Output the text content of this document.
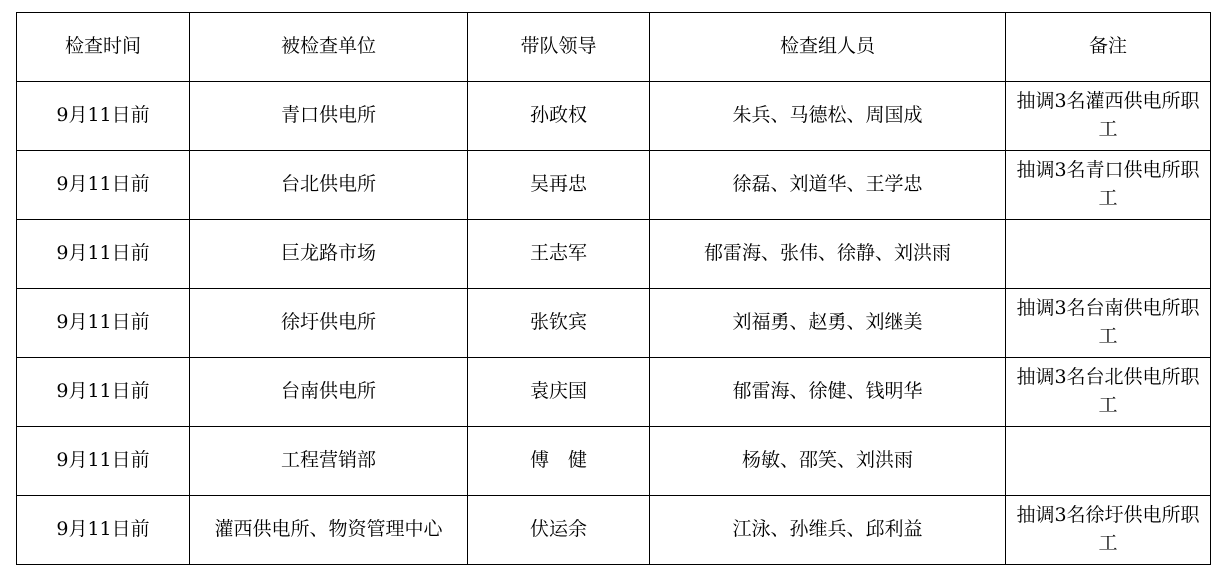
检查时间	被检查单位	带队领导	检查组人员	备注
9月11日前	青口供电所	孙政权	朱兵、马德松、周国成	抽调3名灌西供电所职工
9月11日前	台北供电所	吴再忠	徐磊、刘道华、王学忠	抽调3名青口供电所职工
9月11日前	巨龙路市场	王志军	郁雷海、张伟、徐静、刘洪雨	
9月11日前	徐圩供电所	张钦宾	刘福勇、赵勇、刘继美	抽调3名台南供电所职工
9月11日前	台南供电所	袁庆国	郁雷海、徐健、钱明华	抽调3名台北供电所职工
9月11日前	工程营销部	傅　健	杨敏、邵笑、刘洪雨	
9月11日前	灌西供电所、物资管理中心	伏运余	江泳、孙维兵、邱利益	抽调3名徐圩供电所职工
